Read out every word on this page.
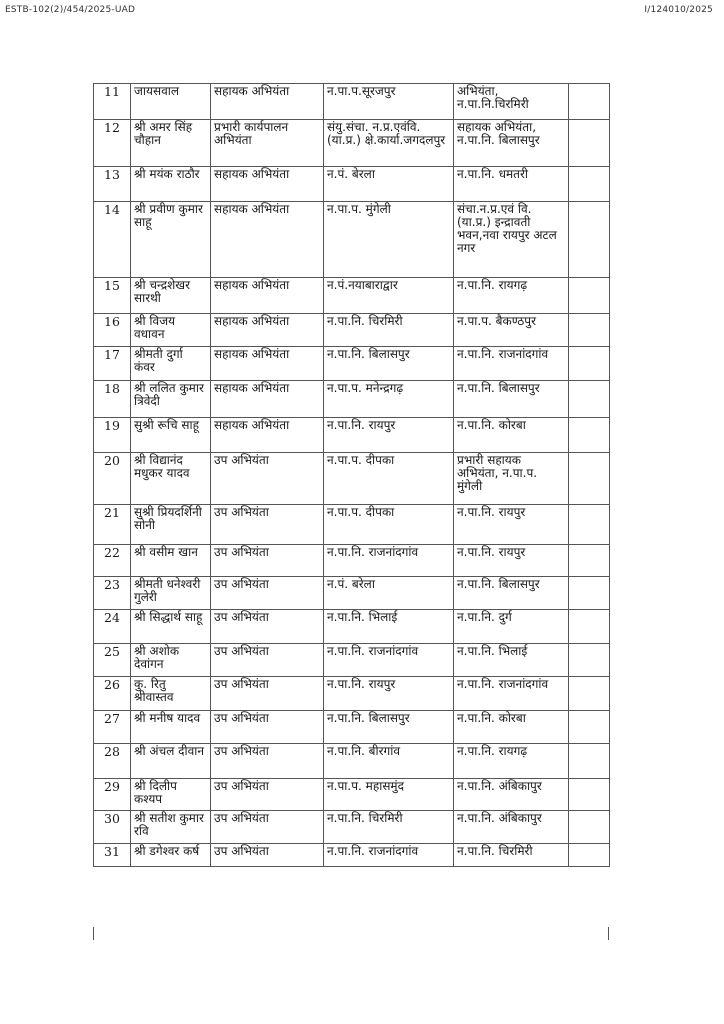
ESTB-102(2)/454/2025-UAD	I/124010/2025
11	जायसवाल	सहायक अभियंता	न.पा.प.सूरजपुर	अभियंता, न.पा.नि.चिरमिरी	
12	श्री अमर सिंह चौहान	प्रभारी कार्यपालन अभियंता	संयु.संचा. न.प्र.एवंवि. (या.प्र.) क्षे.कार्या.जगदलपुर	सहायक अभियंता, न.पा.नि. बिलासपुर	
13	श्री मयंक राठौर	सहायक अभियंता	न.पं. बेरला	न.पा.नि. धमतरी	
14	श्री प्रवीण कुमार साहू	सहायक अभियंता	न.पा.प. मुंगेली	संचा.न.प्र.एवं वि. (या.प्र.) इन्द्रावती भवन,नवा रायपुर अटल नगर	
15	श्री चन्द्रशेखर सारथी	सहायक अभियंता	न.पं.नयाबाराद्वार	न.पा.नि. रायगढ़	
16	श्री विजय वधावन	सहायक अभियंता	न.पा.नि. चिरमिरी	न.पा.प. बैकण्ठपुर	
17	श्रीमती दुर्गा कंवर	सहायक अभियंता	न.पा.नि. बिलासपुर	न.पा.नि. राजनांदगांव	
18	श्री ललित कुमार त्रिवेदी	सहायक अभियंता	न.पा.प. मनेन्द्रगढ़	न.पा.नि. बिलासपुर	
19	सुश्री रूचि साहू	सहायक अभियंता	न.पा.नि. रायपुर	न.पा.नि. कोरबा	
20	श्री विद्यानंद मधुकर यादव	उप अभियंता	न.पा.प. दीपका	प्रभारी सहायक अभियंता, न.पा.प. मुंगेली	
21	सुश्री प्रियदर्शिनी सोनी	उप अभियंता	न.पा.प. दीपका	न.पा.नि. रायपुर	
22	श्री वसीम खान	उप अभियंता	न.पा.नि. राजनांदगांव	न.पा.नि. रायपुर	
23	श्रीमती धनेश्वरी गुलेरी	उप अभियंता	न.पं. बरेला	न.पा.नि. बिलासपुर	
24	श्री सिद्धार्थ साहू	उप अभियंता	न.पा.नि. भिलाई	न.पा.नि. दुर्ग	
25	श्री अशोक देवांगन	उप अभियंता	न.पा.नि. राजनांदगांव	न.पा.नि. भिलाई	
26	कु. रितु श्रीवास्तव	उप अभियंता	न.पा.नि. रायपुर	न.पा.नि. राजनांदगांव	
27	श्री मनीष यादव	उप अभियंता	न.पा.नि. बिलासपुर	न.पा.नि. कोरबा	
28	श्री अंचल दीवान	उप अभियंता	न.पा.नि. बीरगांव	न.पा.नि. रायगढ़	
29	श्री दिलीप कश्यप	उप अभियंता	न.पा.प. महासमुंद	न.पा.नि. अंबिकापुर	
30	श्री सतीश कुमार रवि	उप अभियंता	न.पा.नि. चिरमिरी	न.पा.नि. अंबिकापुर	
31	श्री डगेश्वर कर्ष	उप अभियंता	न.पा.नि. राजनांदगांव	न.पा.नि. चिरमिरी	
